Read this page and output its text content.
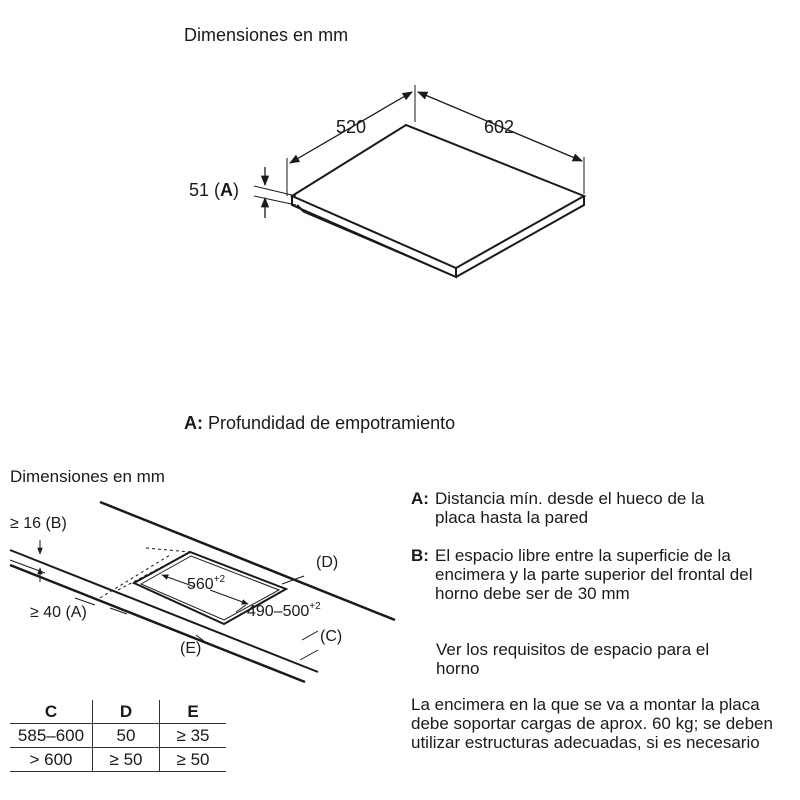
Dimensiones en mm
520	602
51 (A)
A: Profundidad de empotramiento
Dimensiones en mm
≥ 16 (B)
≥ 40 (A)
(D)
(C)
(E)
$560^{+2}$
$490-500^{+2}$
A: Distancia mín. desde el hueco de la placa hasta la pared
B: El espacio libre entre la superficie de la encimera y la parte superior del frontal del horno debe ser de 30 mm
Ver los requisitos de espacio para el horno
La encimera en la que se va a montar la placa debe soportar cargas de aprox. 60 kg; se deben utilizar estructuras adecuadas, si es necesario
C	D	E
585–600	50	≥ 35
> 600	≥ 50	≥ 50
